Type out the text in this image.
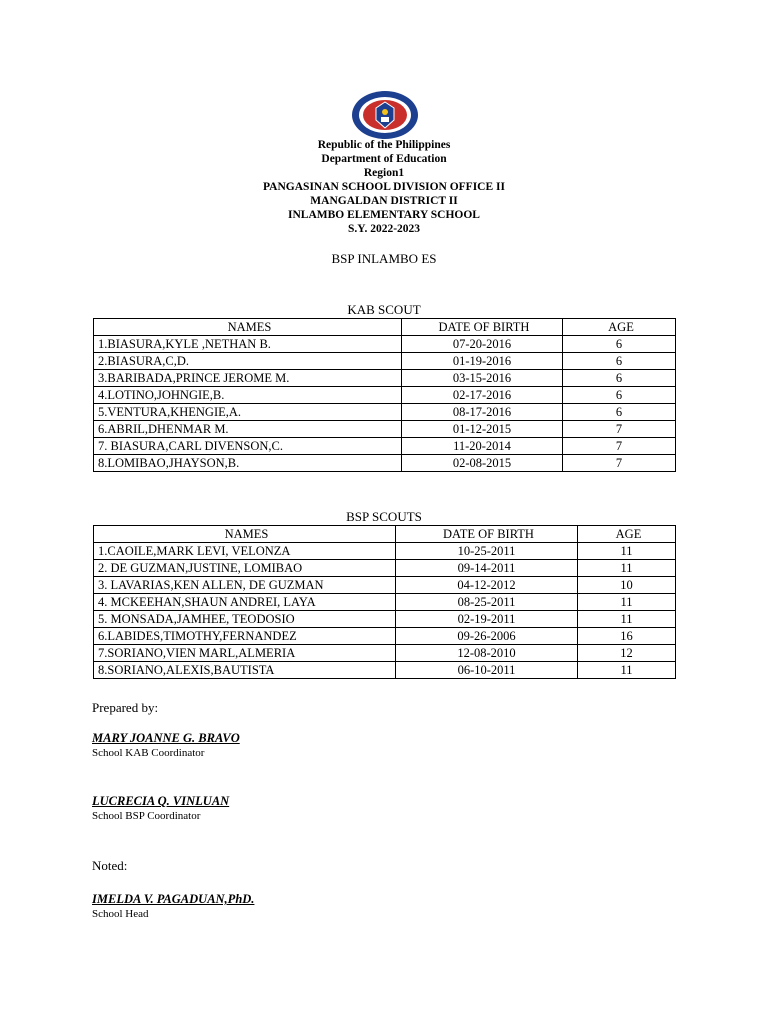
Republic of the Philippines
Department of Education
Region1
PANGASINAN SCHOOL DIVISION OFFICE II
MANGALDAN DISTRICT II
INLAMBO ELEMENTARY SCHOOL
S.Y. 2022-2023
BSP INLAMBO ES
KAB SCOUT
NAMES	DATE OF BIRTH	AGE
1.BIASURA,KYLE ,NETHAN B.	07-20-2016	6
2.BIASURA,C,D.	01-19-2016	6
3.BARIBADA,PRINCE JEROME M.	03-15-2016	6
4.LOTINO,JOHNGIE,B.	02-17-2016	6
5.VENTURA,KHENGIE,A.	08-17-2016	6
6.ABRIL,DHENMAR M.	01-12-2015	7
7. BIASURA,CARL DIVENSON,C.	11-20-2014	7
8.LOMIBAO,JHAYSON,B.	02-08-2015	7
BSP SCOUTS
NAMES	DATE OF BIRTH	AGE
1.CAOILE,MARK LEVI, VELONZA	10-25-2011	11
2. DE GUZMAN,JUSTINE, LOMIBAO	09-14-2011	11
3. LAVARIAS,KEN ALLEN, DE GUZMAN	04-12-2012	10
4. MCKEEHAN,SHAUN ANDREI, LAYA	08-25-2011	11
5. MONSADA,JAMHEE, TEODOSIO	02-19-2011	11
6.LABIDES,TIMOTHY,FERNANDEZ	09-26-2006	16
7.SORIANO,VIEN MARL,ALMERIA	12-08-2010	12
8.SORIANO,ALEXIS,BAUTISTA	06-10-2011	11
Prepared by:
MARY JOANNE G. BRAVO
School KAB Coordinator
LUCRECIA Q. VINLUAN
School BSP Coordinator
Noted:
IMELDA V. PAGADUAN,PhD.
School Head
